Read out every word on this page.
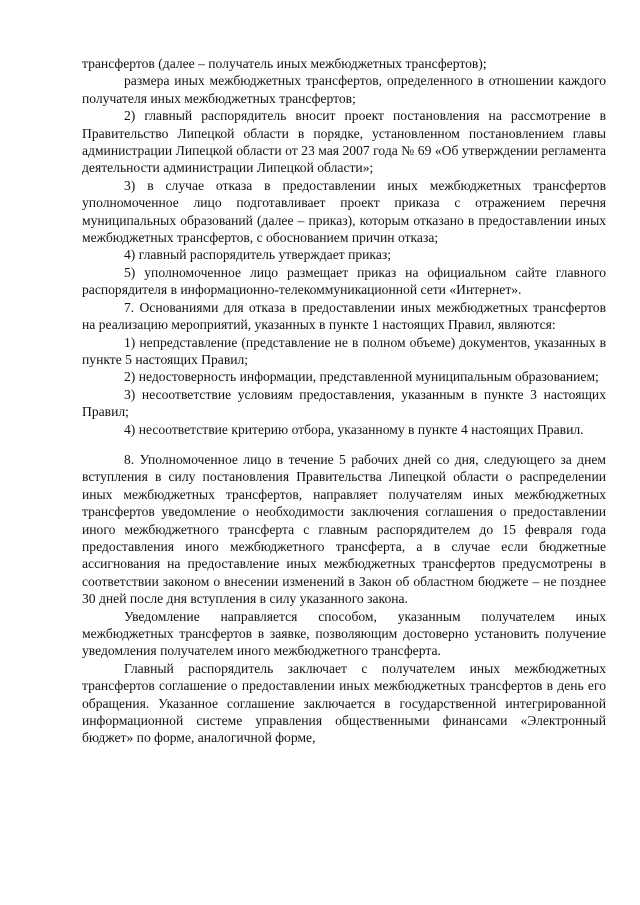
трансфертов (далее – получатель иных межбюджетных трансфертов);

размера иных межбюджетных трансфертов, определенного в отношении каждого получателя иных межбюджетных трансфертов;

2) главный распорядитель вносит проект постановления на рассмотрение в Правительство Липецкой области в порядке, установленном постановлением главы администрации Липецкой области от 23 мая 2007 года № 69 «Об утверждении регламента деятельности администрации Липецкой области»;

3) в случае отказа в предоставлении иных межбюджетных трансфертов уполномоченное лицо подготавливает проект приказа с отражением перечня муниципальных образований (далее – приказ), которым отказано в предоставлении иных межбюджетных трансфертов, с обоснованием причин отказа;

4) главный распорядитель утверждает приказ;

5) уполномоченное лицо размещает приказ на официальном сайте главного распорядителя в информационно-телекоммуникационной сети «Интернет».

7. Основаниями для отказа в предоставлении иных межбюджетных трансфертов на реализацию мероприятий, указанных в пункте 1 настоящих Правил, являются:

1) непредставление (представление не в полном объеме) документов, указанных в пункте 5 настоящих Правил;

2) недостоверность информации, представленной муниципальным образованием;

3) несоответствие условиям предоставления, указанным в пункте 3 настоящих Правил;

4) несоответствие критерию отбора, указанному в пункте 4 настоящих Правил.

8. Уполномоченное лицо в течение 5 рабочих дней со дня, следующего за днем вступления в силу постановления Правительства Липецкой области о распределении иных межбюджетных трансфертов, направляет получателям иных межбюджетных трансфертов уведомление о необходимости заключения соглашения о предоставлении иного межбюджетного трансферта с главным распорядителем до 15 февраля года предоставления иного межбюджетного трансферта, а в случае если бюджетные ассигнования на предоставление иных межбюджетных трансфертов предусмотрены в соответствии законом о внесении изменений в Закон об областном бюджете – не позднее 30 дней после дня вступления в силу указанного закона.

Уведомление направляется способом, указанным получателем иных межбюджетных трансфертов в заявке, позволяющим достоверно установить получение уведомления получателем иного межбюджетного трансферта.

Главный распорядитель заключает с получателем иных межбюджетных трансфертов соглашение о предоставлении иных межбюджетных трансфертов в день его обращения. Указанное соглашение заключается в государственной интегрированной информационной системе управления общественными финансами «Электронный бюджет» по форме, аналогичной форме,
